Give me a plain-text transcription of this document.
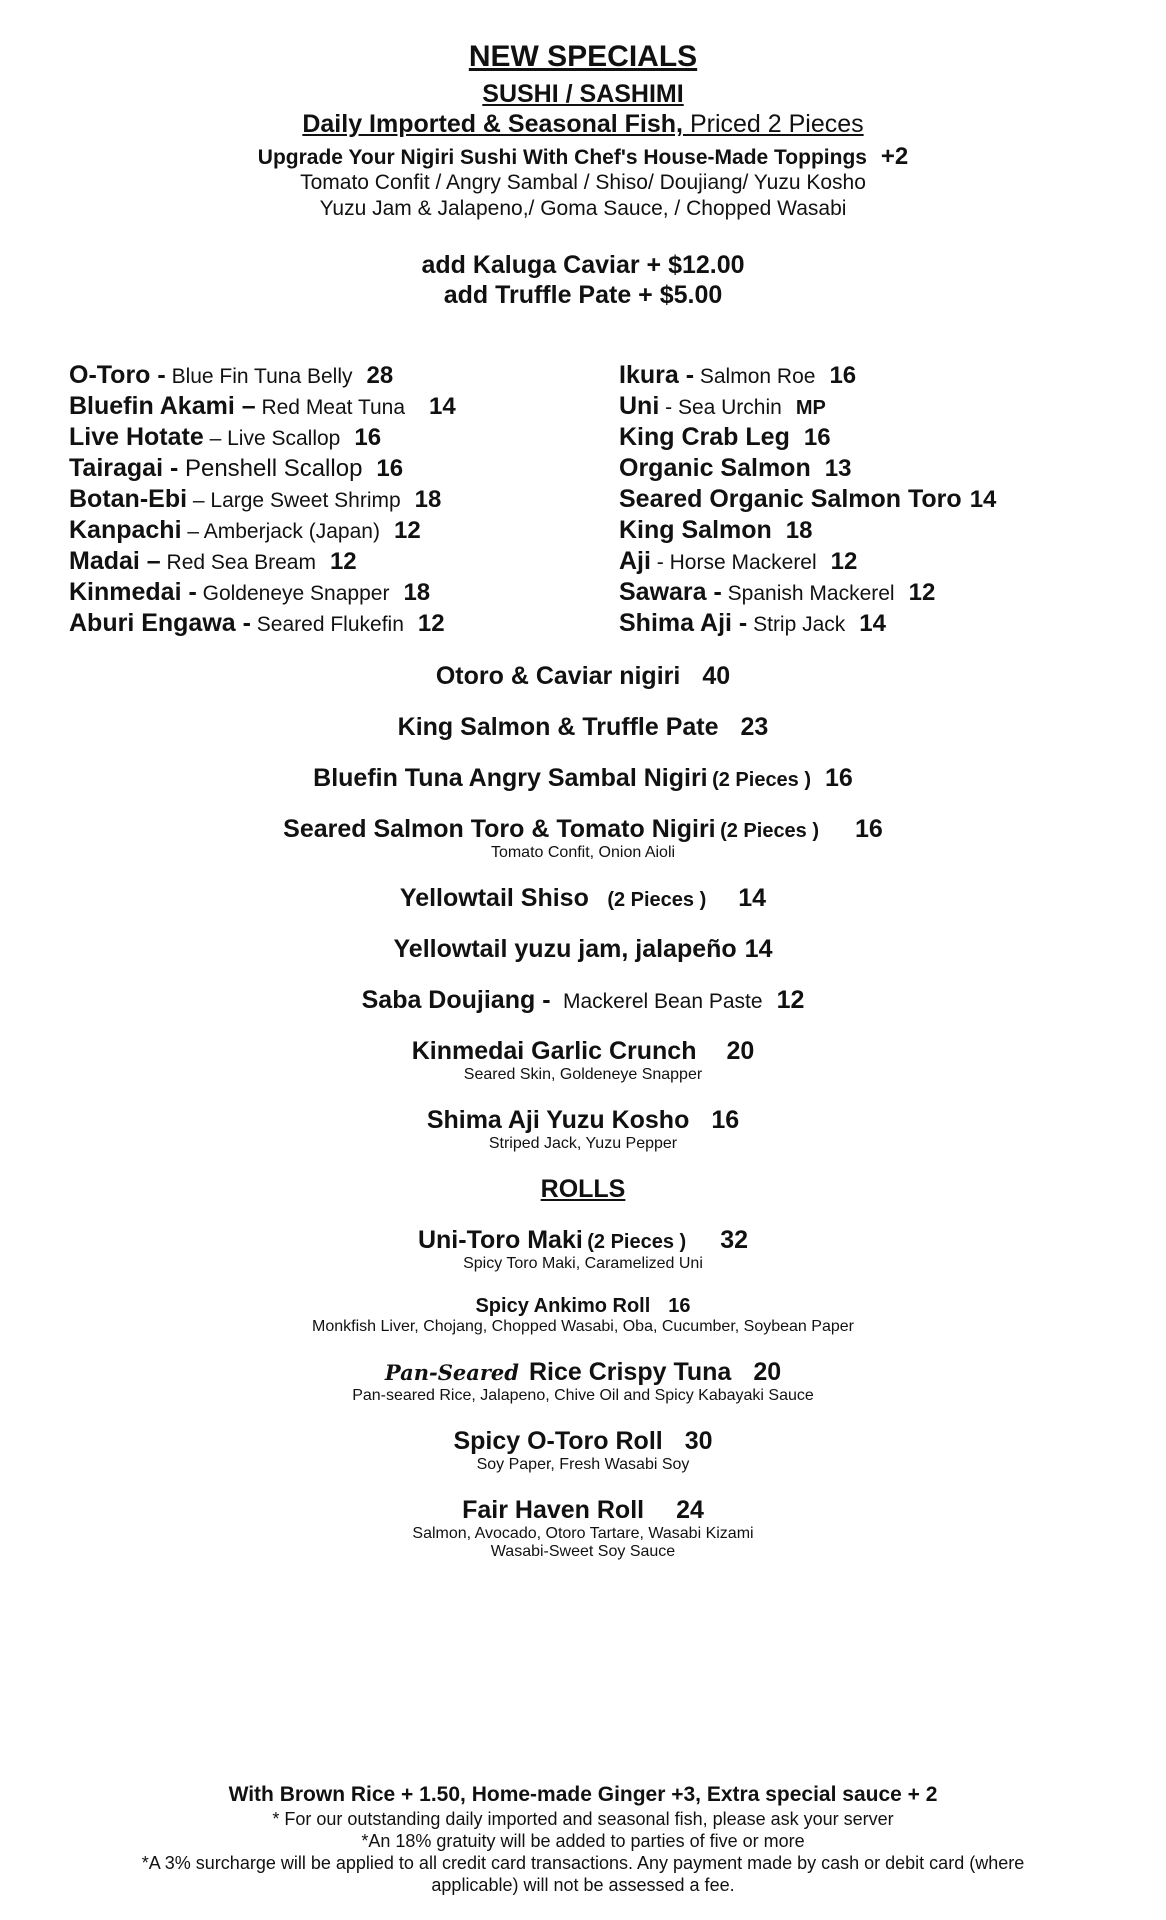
NEW SPECIALS
SUSHI / SASHIMI
Daily Imported & Seasonal Fish, Priced 2 Pieces
Upgrade Your Nigiri Sushi With Chef's House-Made Toppings +2
Tomato Confit / Angry Sambal / Shiso/ Doujiang/ Yuzu Kosho
Yuzu Jam & Jalapeno,/ Goma Sauce, / Chopped Wasabi
add Kaluga Caviar + $12.00
add Truffle Pate + $5.00
O-Toro - Blue Fin Tuna Belly 28
Bluefin Akami – Red Meat Tuna 14
Live Hotate – Live Scallop 16
Tairagai - Penshell Scallop 16
Botan-Ebi – Large Sweet Shrimp 18
Kanpachi – Amberjack (Japan) 12
Madai – Red Sea Bream 12
Kinmedai - Goldeneye Snapper 18
Aburi Engawa - Seared Flukefin 12
Ikura - Salmon Roe 16
Uni - Sea Urchin MP
King Crab Leg 16
Organic Salmon 13
Seared Organic Salmon Toro 14
King Salmon 18
Aji - Horse Mackerel 12
Sawara - Spanish Mackerel 12
Shima Aji - Strip Jack 14
Otoro & Caviar nigiri 40
King Salmon & Truffle Pate 23
Bluefin Tuna Angry Sambal Nigiri (2 Pieces ) 16
Seared Salmon Toro & Tomato Nigiri (2 Pieces ) 16
Tomato Confit, Onion Aioli
Yellowtail Shiso (2 Pieces ) 14
Yellowtail yuzu jam, jalapeño 14
Saba Doujiang - Mackerel Bean Paste 12
Kinmedai Garlic Crunch 20
Seared Skin, Goldeneye Snapper
Shima Aji Yuzu Kosho 16
Striped Jack, Yuzu Pepper
ROLLS
Uni-Toro Maki (2 Pieces ) 32
Spicy Toro Maki, Caramelized Uni
Spicy Ankimo Roll 16
Monkfish Liver, Chojang, Chopped Wasabi, Oba, Cucumber, Soybean Paper
Pan-Seared Rice Crispy Tuna 20
Pan-seared Rice, Jalapeno, Chive Oil and Spicy Kabayaki Sauce
Spicy O-Toro Roll 30
Soy Paper, Fresh Wasabi Soy
Fair Haven Roll 24
Salmon, Avocado, Otoro Tartare, Wasabi Kizami
Wasabi-Sweet Soy Sauce
With Brown Rice + 1.50, Home-made Ginger +3, Extra special sauce + 2
* For our outstanding daily imported and seasonal fish, please ask your server
*An 18% gratuity will be added to parties of five or more
*A 3% surcharge will be applied to all credit card transactions. Any payment made by cash or debit card (where
applicable) will not be assessed a fee.
